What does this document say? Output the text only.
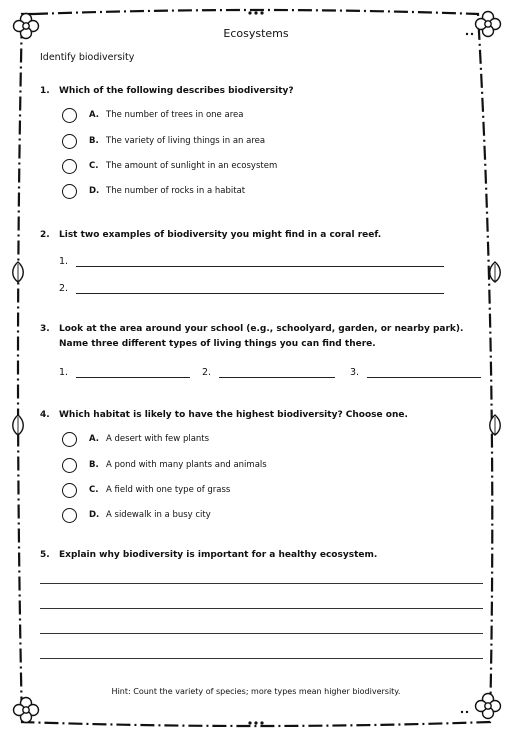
Ecosystems
Identify biodiversity
1. Which of the following describes biodiversity?
A. The number of trees in one area
B. The variety of living things in an area
C. The amount of sunlight in an ecosystem
D. The number of rocks in a habitat
2. List two examples of biodiversity you might find in a coral reef.
1.
2.
3. Look at the area around your school (e.g., schoolyard, garden, or nearby park).
Name three different types of living things you can find there.
1.	2.	3.
4. Which habitat is likely to have the highest biodiversity? Choose one.
A. A desert with few plants
B. A pond with many plants and animals
C. A field with one type of grass
D. A sidewalk in a busy city
5. Explain why biodiversity is important for a healthy ecosystem.
Hint: Count the variety of species; more types mean higher biodiversity.
